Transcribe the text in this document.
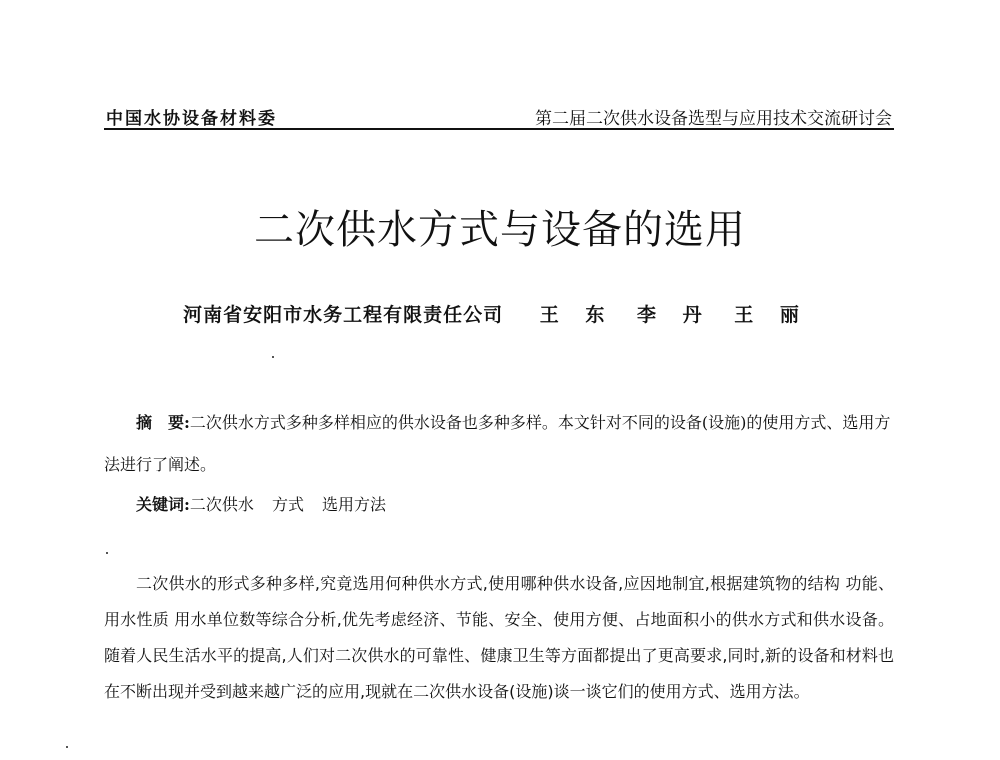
中国水协设备材料委	第二届二次供水设备选型与应用技术交流研讨会
二次供水方式与设备的选用
河南省安阳市水务工程有限责任公司 王 东 李 丹 王 丽
摘　要:二次供水方式多种多样相应的供水设备也多种多样。本文针对不同的设备(设施)的使用方式、选用方法进行了阐述。
关键词:二次供水 方式 选用方法
二次供水的形式多种多样,究竟选用何种供水方式,使用哪种供水设备,应因地制宜,根据建筑物的结构 功能、用水性质 用水单位数等综合分析,优先考虑经济、节能、安全、使用方便、占地面积小的供水方式和供水设备。随着人民生活水平的提高,人们对二次供水的可靠性、健康卫生等方面都提出了更高要求,同时,新的设备和材料也在不断出现并受到越来越广泛的应用,现就在二次供水设备(设施)谈一谈它们的使用方式、选用方法。
